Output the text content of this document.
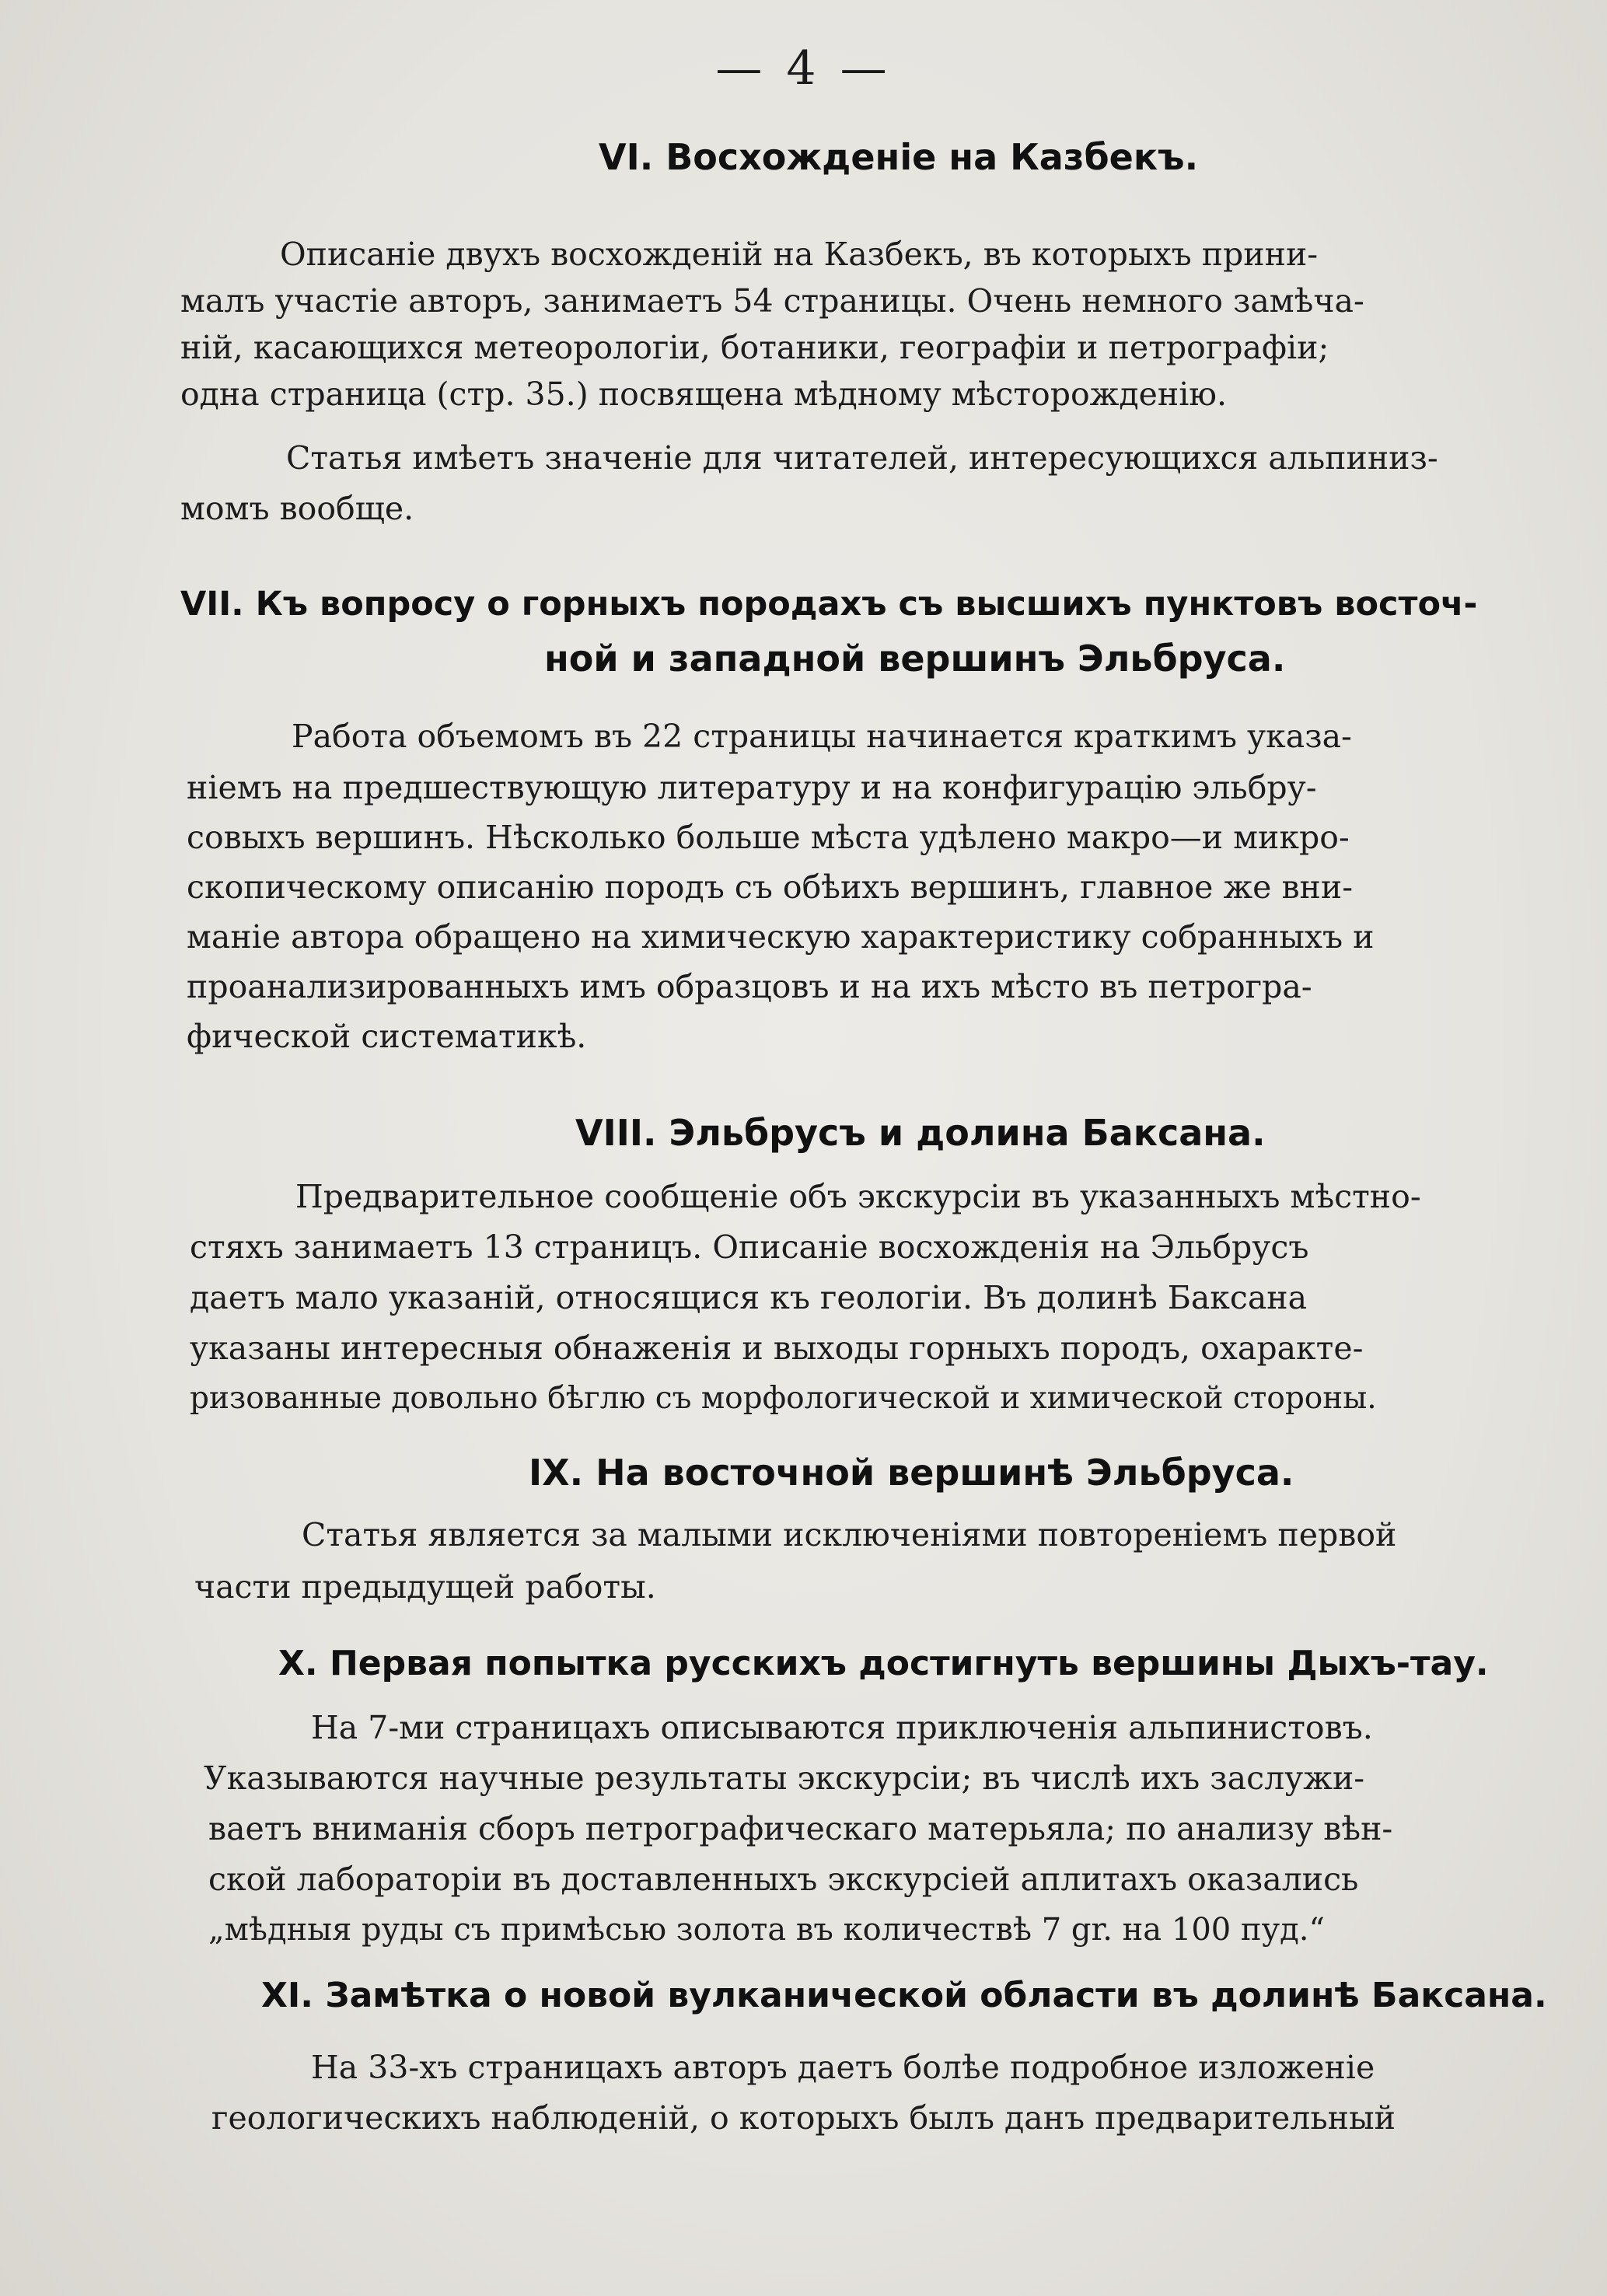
— 4 —
VI. Восхожденіе на Казбекъ.
Описаніе двухъ восхожденій на Казбекъ, въ которыхъ прини-
малъ участіе авторъ, занимаетъ 54 страницы. Очень немного замѣча-
ній, касающихся метеорологіи, ботаники, географіи и петрографіи;
одна страница (стр. 35.) посвящена мѣдному мѣсторожденію.
Статья имѣетъ значеніе для читателей, интересующихся альпиниз-
момъ вообще.
VII. Къ вопросу о горныхъ породахъ съ высшихъ пунктовъ восточ-
ной и западной вершинъ Эльбруса.
Работа объемомъ въ 22 страницы начинается краткимъ указа-
ніемъ на предшествующую литературу и на конфигурацію эльбру-
совыхъ вершинъ. Нѣсколько больше мѣста удѣлено макро—и микро-
скопическому описанію породъ съ обѣихъ вершинъ, главное же вни-
маніе автора обращено на химическую характеристику собранныхъ и
проанализированныхъ имъ образцовъ и на ихъ мѣсто въ петрогра-
фической систематикѣ.
VIII. Эльбрусъ и долина Баксана.
Предварительное сообщеніе объ экскурсіи въ указанныхъ мѣстно-
стяхъ занимаетъ 13 страницъ. Описаніе восхожденія на Эльбрусъ
даетъ мало указаній, относящися къ геологіи. Въ долинѣ Баксана
указаны интересныя обнаженія и выходы горныхъ породъ, охаракте-
ризованные довольно бѣглю съ морфологической и химической стороны.
IX. На восточной вершинѣ Эльбруса.
Статья является за малыми исключеніями повтореніемъ первой
части предыдущей работы.
X. Первая попытка русскихъ достигнуть вершины Дыхъ-тау.
На 7-ми страницахъ описываются приключенія альпинистовъ.
Указываются научные результаты экскурсіи; въ числѣ ихъ заслужи-
ваетъ вниманія сборъ петрографическаго матерьяла; по анализу вѣн-
ской лабораторіи въ доставленныхъ экскурсіей аплитахъ оказались
„мѣдныя руды съ примѣсью золота въ количествѣ 7 gr. на 100 пуд.“
XI. Замѣтка о новой вулканической области въ долинѣ Баксана.
На 33-хъ страницахъ авторъ даетъ болѣе подробное изложеніе
геологическихъ наблюденій, о которыхъ былъ данъ предварительный
